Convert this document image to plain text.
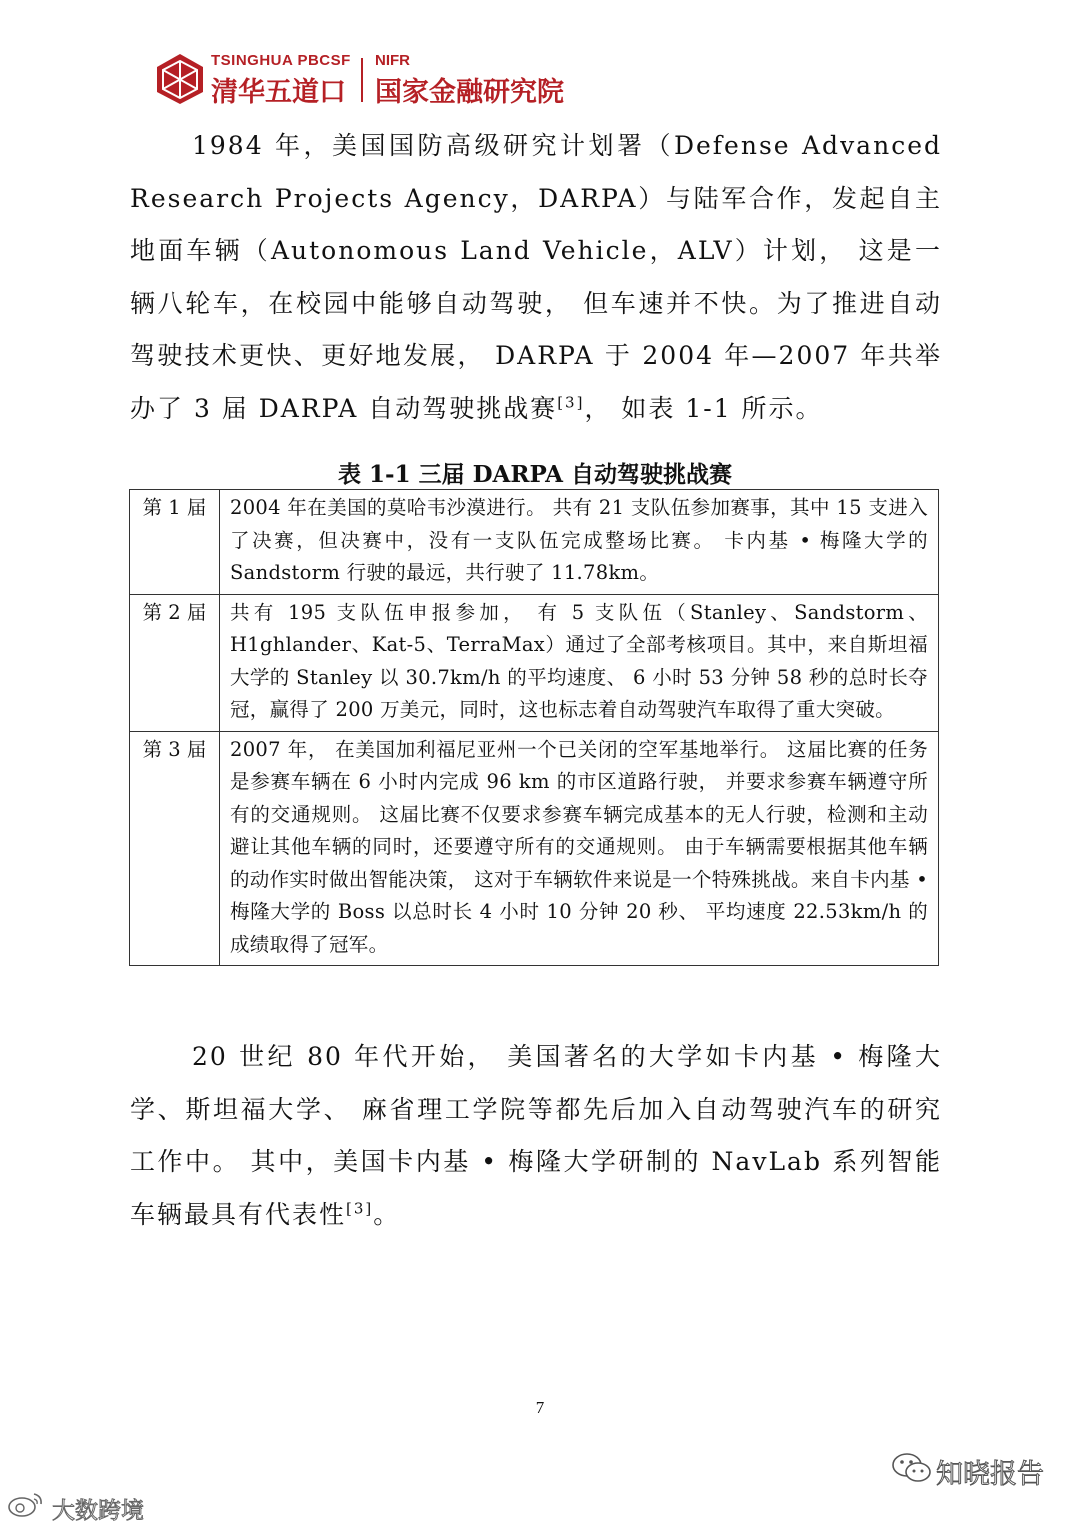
TSINGHUA PBCSF
清华五道口
NIFR
国家金融研究院

1984 年，美国国防高级研究计划署（Defense Advanced Research Projects Agency，DARPA）与陆军合作，发起自主地面车辆（Autonomous Land Vehicle，ALV）计划， 这是一辆八轮车，在校园中能够自动驾驶， 但车速并不快。为了推进自动驾驶技术更快、更好地发展， DARPA 于 2004 年—2007 年共举办了 3 届 DARPA 自动驾驶挑战赛[3]， 如表 1-1 所示。

表 1-1 三届 DARPA 自动驾驶挑战赛

第 1 届	2004 年在美国的莫哈韦沙漠进行。 共有 21 支队伍参加赛事，其中 15 支进入了决赛，但决赛中，没有一支队伍完成整场比赛。 卡内基 • 梅隆大学的 Sandstorm 行驶的最远，共行驶了 11.78km。
第 2 届	共有 195 支队伍申报参加， 有 5 支队伍（Stanley、Sandstorm、H1ghlander、Kat-5、TerraMax）通过了全部考核项目。其中，来自斯坦福大学的 Stanley 以 30.7km/h 的平均速度、 6 小时 53 分钟 58 秒的总时长夺冠，赢得了 200 万美元，同时，这也标志着自动驾驶汽车取得了重大突破。
第 3 届	2007 年， 在美国加利福尼亚州一个已关闭的空军基地举行。 这届比赛的任务是参赛车辆在 6 小时内完成 96 km 的市区道路行驶， 并要求参赛车辆遵守所有的交通规则。 这届比赛不仅要求参赛车辆完成基本的无人行驶，检测和主动避让其他车辆的同时，还要遵守所有的交通规则。 由于车辆需要根据其他车辆的动作实时做出智能决策， 这对于车辆软件来说是一个特殊挑战。来自卡内基 • 梅隆大学的 Boss 以总时长 4 小时 10 分钟 20 秒、 平均速度 22.53km/h 的成绩取得了冠军。

20 世纪 80 年代开始， 美国著名的大学如卡内基 • 梅隆大学、斯坦福大学、 麻省理工学院等都先后加入自动驾驶汽车的研究工作中。 其中，美国卡内基 • 梅隆大学研制的 NavLab 系列智能车辆最具有代表性[3]。

7
知晓报告
大数跨境
